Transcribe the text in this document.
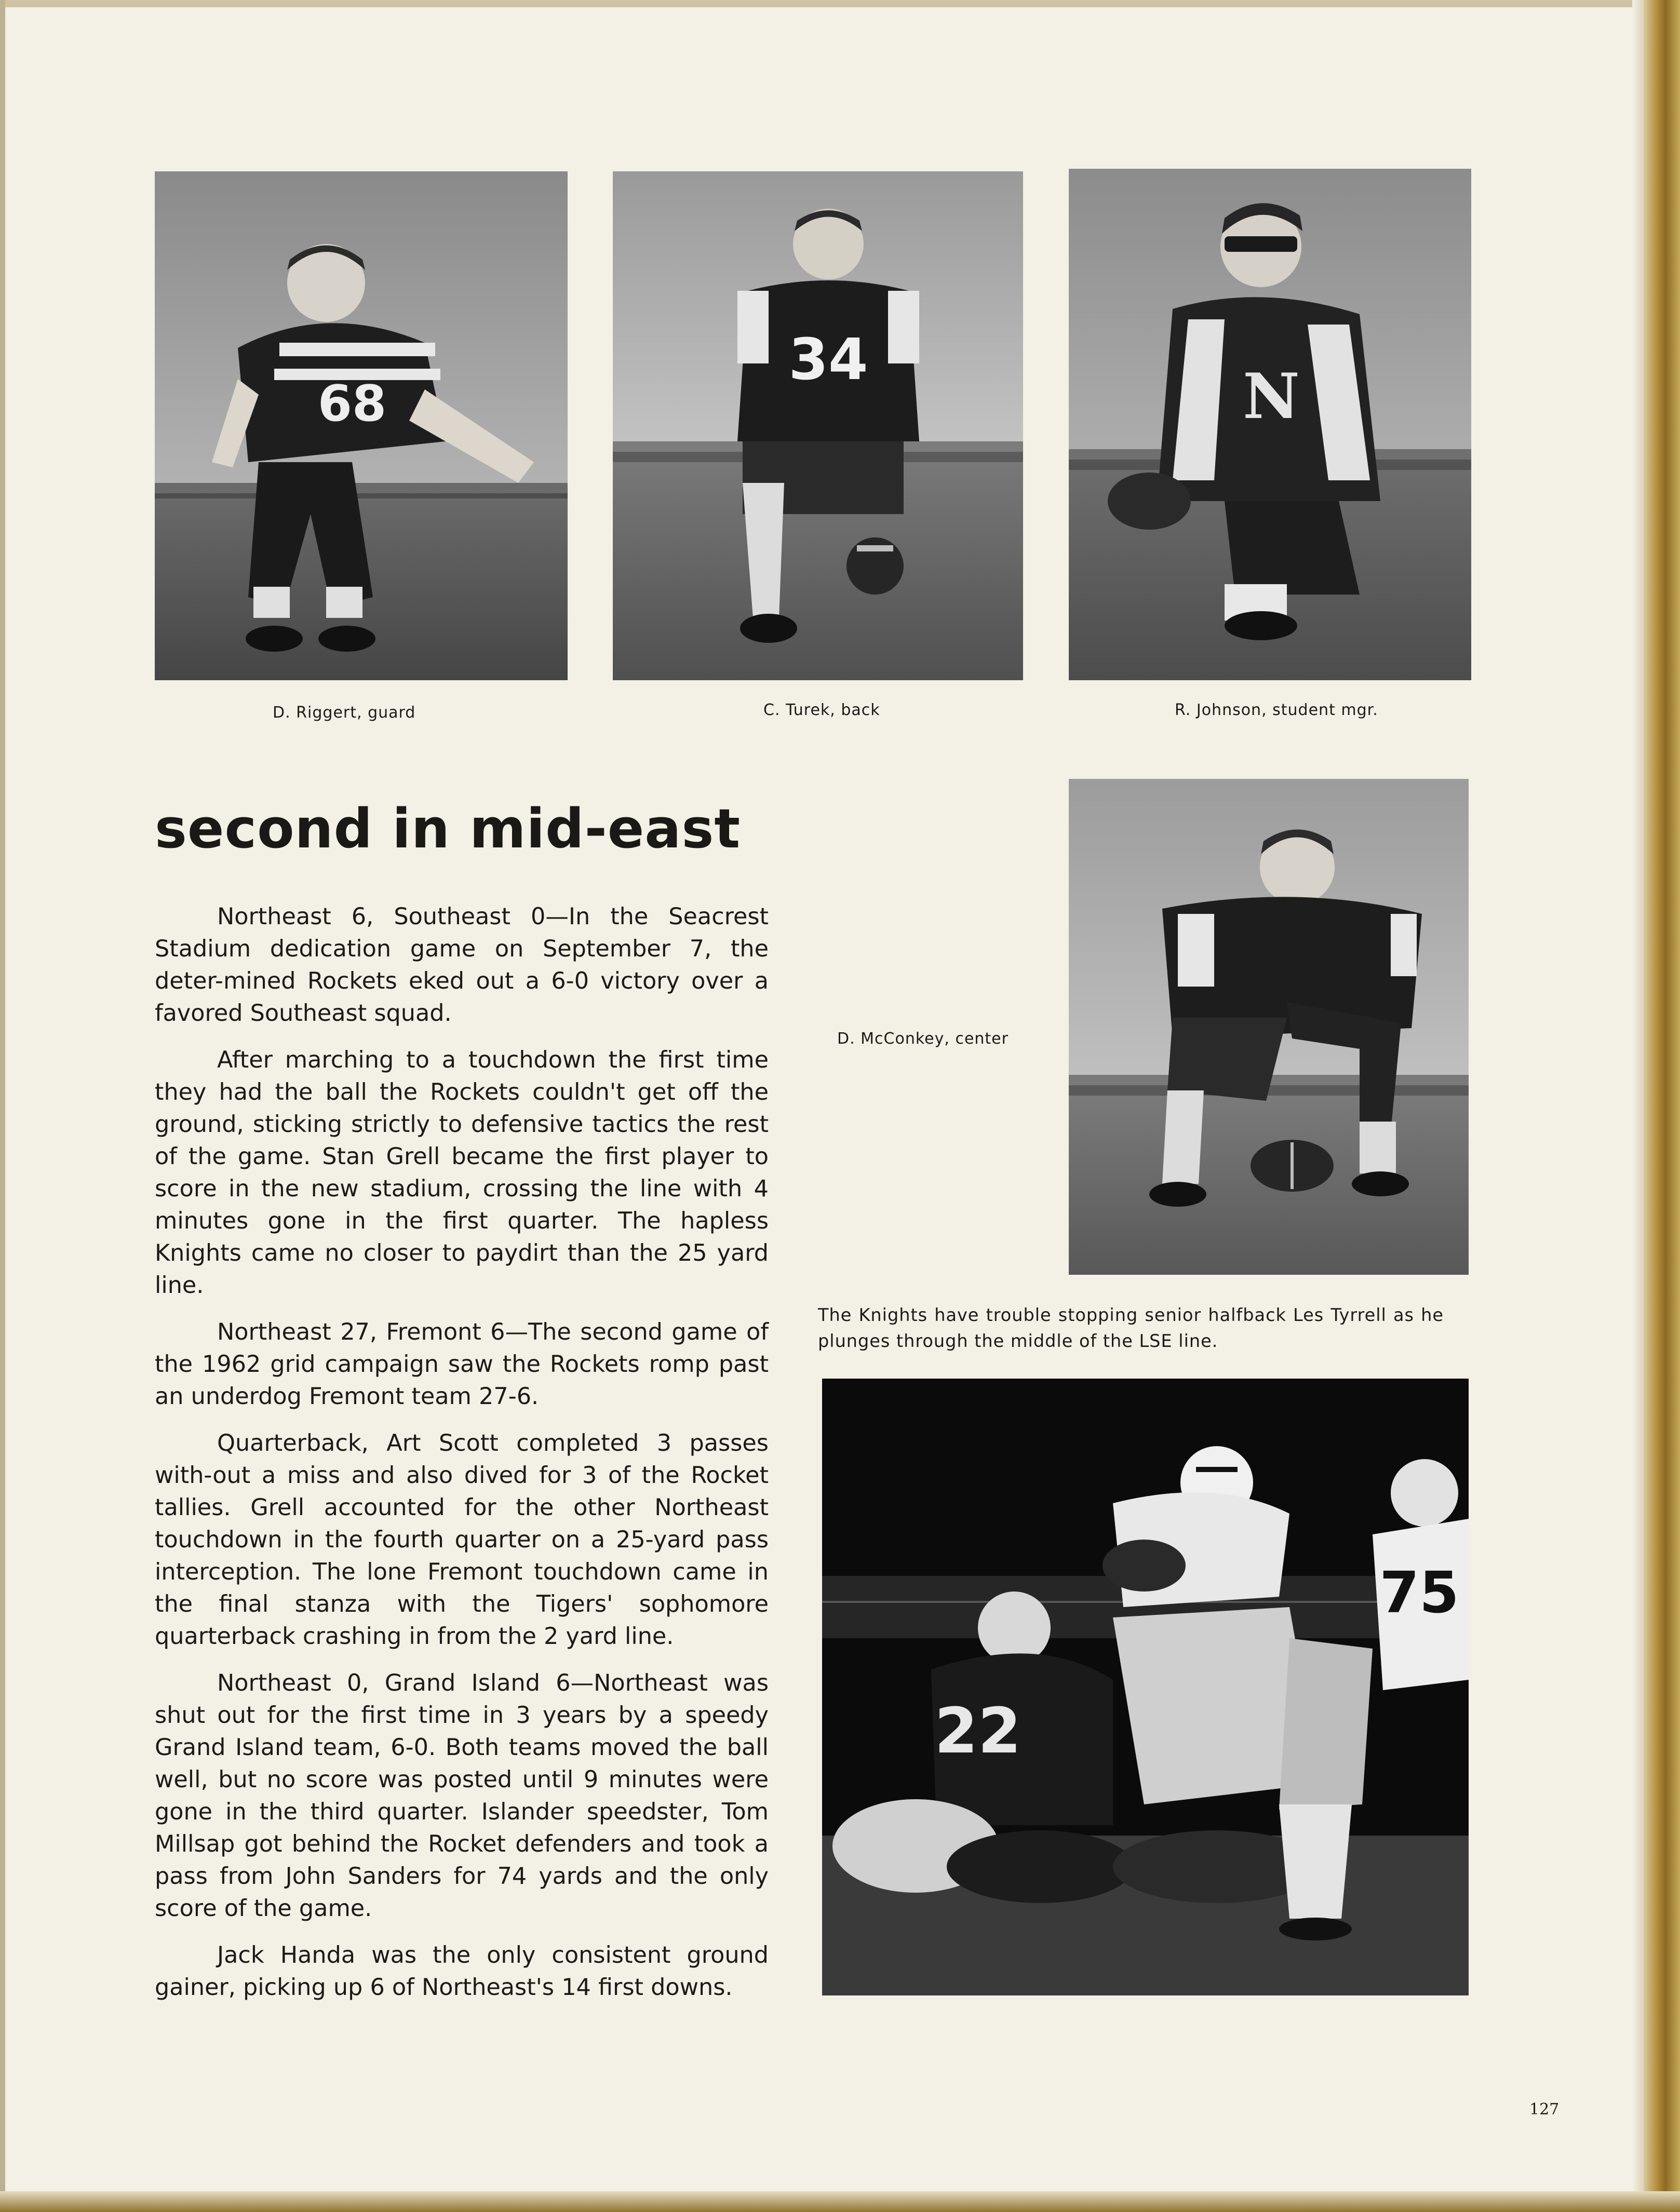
68
34
N
D. Riggert, guard	C. Turek, back	R. Johnson, student mgr.
second in mid-east

Northeast 6, Southeast 0—In the Seacrest Stadium dedication game on September 7, the deter-mined Rockets eked out a 6-0 victory over a favored Southeast squad.

After marching to a touchdown the first time they had the ball the Rockets couldn't get off the ground, sticking strictly to defensive tactics the rest of the game. Stan Grell became the first player to score in the new stadium, crossing the line with 4 minutes gone in the first quarter. The hapless Knights came no closer to paydirt than the 25 yard line.

Northeast 27, Fremont 6—The second game of the 1962 grid campaign saw the Rockets romp past an underdog Fremont team 27-6.

Quarterback, Art Scott completed 3 passes with-out a miss and also dived for 3 of the Rocket tallies. Grell accounted for the other Northeast touchdown in the fourth quarter on a 25-yard pass interception. The lone Fremont touchdown came in the final stanza with the Tigers' sophomore quarterback crashing in from the 2 yard line.

Northeast 0, Grand Island 6—Northeast was shut out for the first time in 3 years by a speedy Grand Island team, 6-0. Both teams moved the ball well, but no score was posted until 9 minutes were gone in the third quarter. Islander speedster, Tom Millsap got behind the Rocket defenders and took a pass from John Sanders for 74 yards and the only score of the game.

Jack Handa was the only consistent ground gainer, picking up 6 of Northeast's 14 first downs.

D. McConkey, center
The Knights have trouble stopping senior halfback Les Tyrrell as he plunges through the middle of the LSE line.
75
22
127
